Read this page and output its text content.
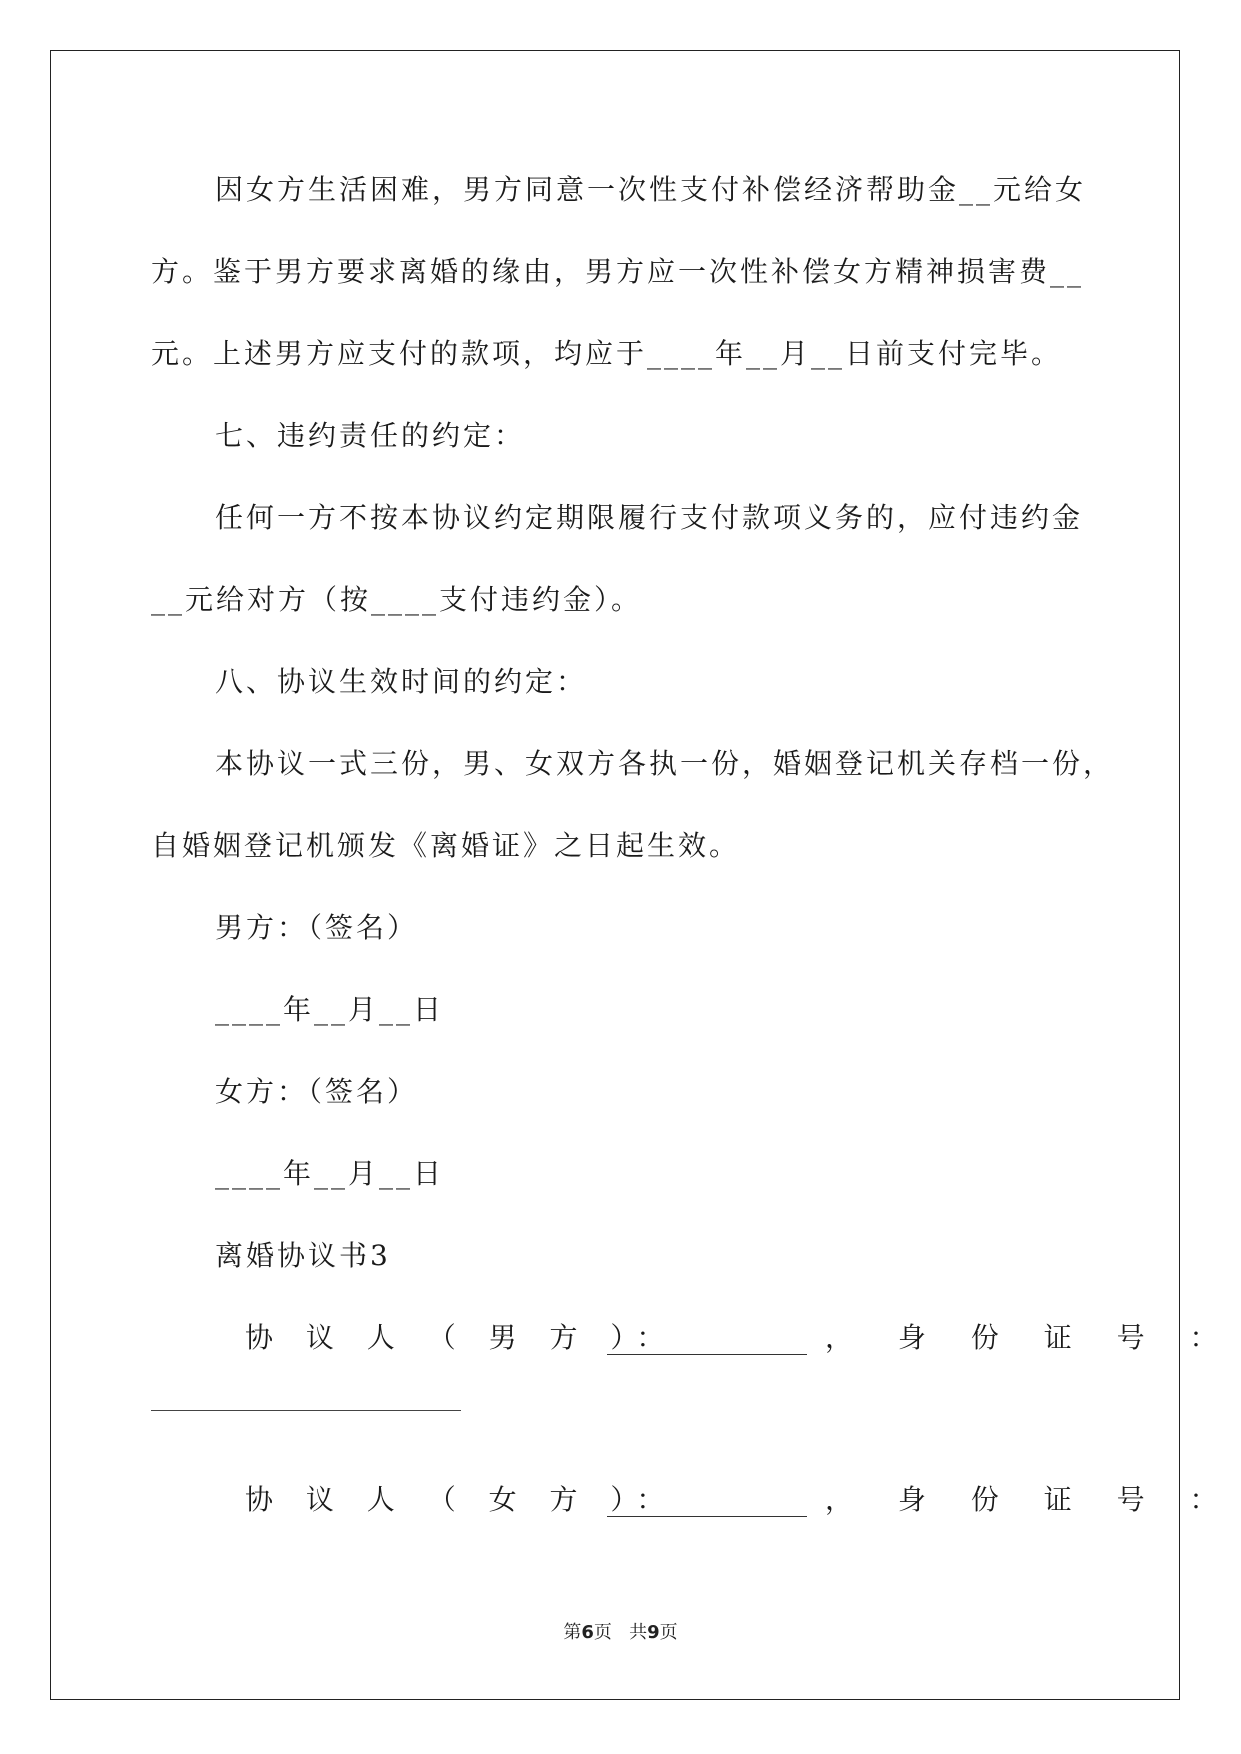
因女方生活困难，男方同意一次性支付补偿经济帮助金__元给女
方。鉴于男方要求离婚的缘由，男方应一次性补偿女方精神损害费__
元。上述男方应支付的款项，均应于____年__月__日前支付完毕。
七、违约责任的约定：
任何一方不按本协议约定期限履行支付款项义务的，应付违约金
__元给对方（按____支付违约金）。
八、协议生效时间的约定：
本协议一式三份，男、女双方各执一份，婚姻登记机关存档一份，
自婚姻登记机颁发《离婚证》之日起生效。
男方：（签名）
____年__月__日
女方：（签名）
____年__月__日
离婚协议书3
协 议 人 （ 男 方 ）：	， 身 份 证 号 ：
协 议 人 （ 女 方 ）：	， 身 份 证 号 ：
第6页   共9页
